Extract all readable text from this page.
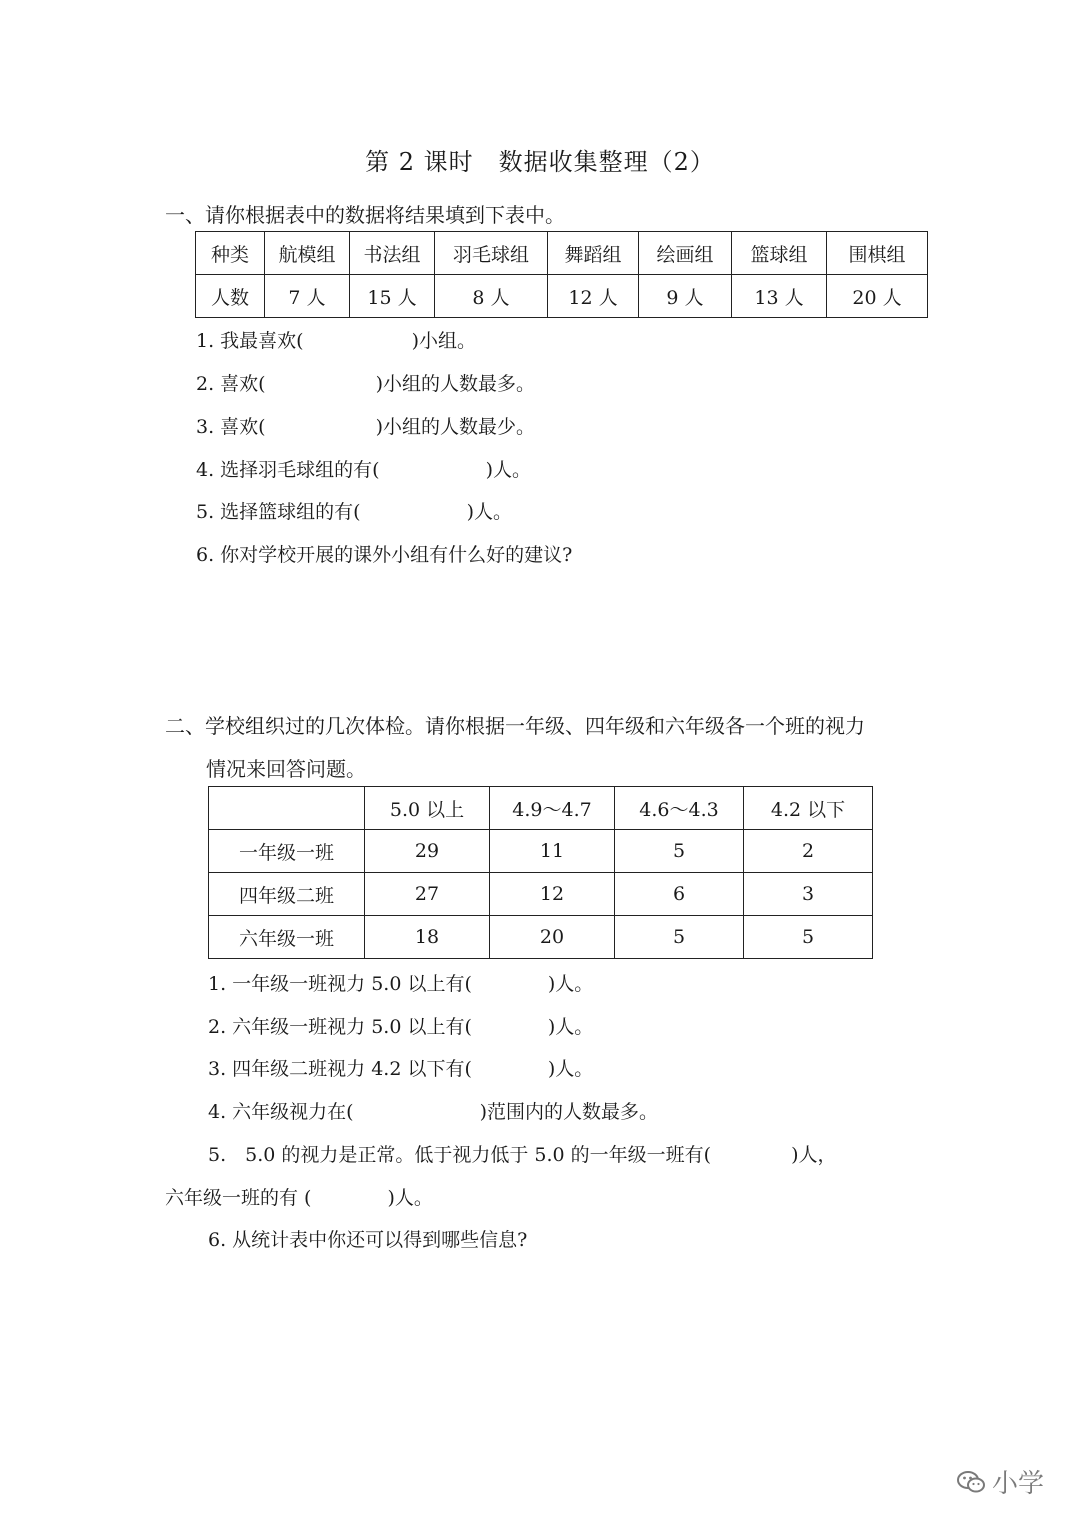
第 2 课时　数据收集整理（2）
一、请你根据表中的数据将结果填到下表中。
种类	航模组	书法组	羽毛球组	舞蹈组	绘画组	篮球组	围棋组
人数	7 人	15 人	8 人	12 人	9 人	13 人	20 人
1. 我最喜欢(	)小组。
2. 喜欢(	)小组的人数最多。
3. 喜欢(	)小组的人数最少。
4. 选择羽毛球组的有(	)人。
5. 选择篮球组的有(	)人。
6. 你对学校开展的课外小组有什么好的建议?
二、学校组织过的几次体检。请你根据一年级、四年级和六年级各一个班的视力
情况来回答问题。
	5.0 以上	4.9～4.7	4.6～4.3	4.2 以下
一年级一班	29	11	5	2
四年级二班	27	12	6	3
六年级一班	18	20	5	5
1. 一年级一班视力 5.0 以上有(	)人。
2. 六年级一班视力 5.0 以上有(	)人。
3. 四年级二班视力 4.2 以下有(	)人。
4. 六年级视力在(	)范围内的人数最多。
5.　5.0 的视力是正常。低于视力低于 5.0 的一年级一班有(	)人，
六年级一班的有 (	)人。
6. 从统计表中你还可以得到哪些信息?
小学
